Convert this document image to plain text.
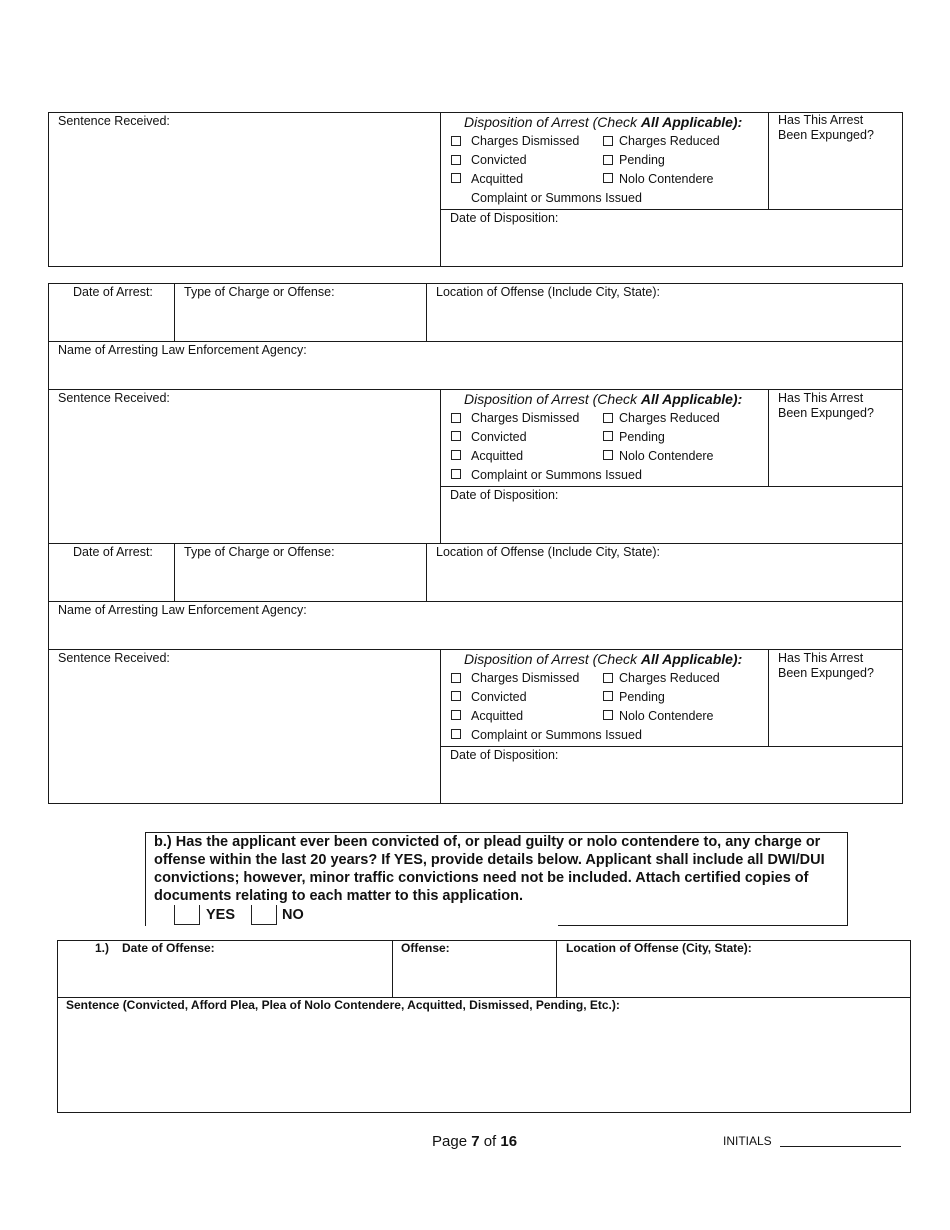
Sentence Received:	Disposition of Arrest (Check All Applicable):	Has This Arrest Been Expunged?
Charges Dismissed	Charges Reduced
Convicted	Pending
Acquitted	Nolo Contendere
Complaint or Summons Issued
Date of Disposition:
Date of Arrest: Type of Charge or Offense:	Location of Offense (Include City, State):
Name of Arresting Law Enforcement Agency:
Sentence Received:	Disposition of Arrest (Check All Applicable):	Has This Arrest Been Expunged?
Charges Dismissed	Charges Reduced
Convicted	Pending
Acquitted	Nolo Contendere
Complaint or Summons Issued
Date of Disposition:
Date of Arrest: Type of Charge or Offense:	Location of Offense (Include City, State):
Name of Arresting Law Enforcement Agency:
Sentence Received:	Disposition of Arrest (Check All Applicable):	Has This Arrest Been Expunged?
Charges Dismissed	Charges Reduced
Convicted	Pending
Acquitted	Nolo Contendere
Complaint or Summons Issued
Date of Disposition:
b.) Has the applicant ever been convicted of, or plead guilty or nolo contendere to, any charge or offense within the last 20 years? If YES, provide details below. Applicant shall include all DWI/DUI convictions; however, minor traffic convictions need not be included. Attach certified copies of documents relating to each matter to this application.
YES	NO
1.) Date of Offense:	Offense:	Location of Offense (City, State):
Sentence (Convicted, Afford Plea, Plea of Nolo Contendere, Acquitted, Dismissed, Pending, Etc.):
Page 7 of 16	INITIALS
